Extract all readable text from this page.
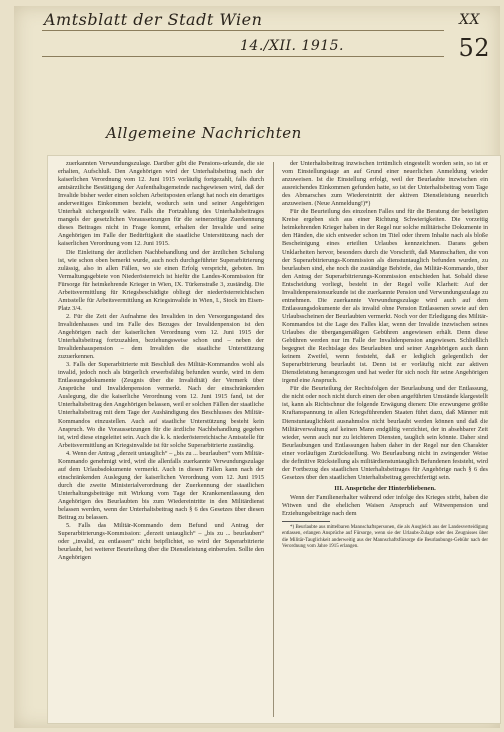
Amtsblatt der Stadt Wien	XX
14./XII. 1915.	52
Allgemeine Nachrichten

zuerkannten Verwundungszulage. Darüber gibt die Pensions-urkunde, die sie erhalten, Aufschluß. Den Angehörigen wird der Unterhaltsbeitrag nach der kaiserlichen Verordnung vom 12. Juni 1915 vorläufig fortgezahlt, falls durch amtsärztliche Bestätigung der Aufenthaltsgemeinde nachgewiesen wird, daß der Invalide bisher weder einen solchen Arbeitsposten erlangt hat noch ein derartiges anderweitiges Einkommen bezieht, wodurch sein und seiner Angehörigen Unterhalt sichergestellt wäre. Falls die Fortzahlung des Unterhaltsbeitrages mangels der gesetzlichen Voraussetzungen für die seinerzeitige Zuerkennung dieses Beitrages nicht in Frage kommt, erhalten der Invalide und seine Angehörigen im Falle der Bedürftigkeit die staatliche Unterstützung nach der kaiserlichen Verordnung vom 12. Juni 1915.

Die Einleitung der ärztlichen Nachbehandlung und der ärztlichen Schulung ist, wie schon oben bemerkt wurde, auch noch durchgeführter Superarbitrierung zulässig, also in allen Fällen, wo sie einen Erfolg verspricht, geboten. Im Vermaltungsgebiete von Niederösterreich ist hiefür die Landes-Kommission für Fürsorge für heimkehrende Krieger in Wien, IX. Türkenstraße 3, zuständig. Die Arbeitsvermittlung für Kriegsbeschädigte obliegt der niederösterreichischen Amtsstelle für Arbeitsvermittlung an Kriegsinvalide in Wien, I., Stock im Eisen-Platz 3/4.

2. Für die Zeit der Aufnahme des Invaliden in den Versorgungsstand des Invalidenhauses und im Falle des Bezuges der Invalidenpension ist den Angehörigen nach der kaiserlichen Verordnung vom 12. Juni 1915 der Unterhaltsbeitrag fortzuzahlen, beziehungsweise schon und – neben der Invalidenhauspension – dem Invaliden die staatliche Unterstützung zuzuerkennen.

3. Falls der Superarbitrierte mit Beschluß des Militär-Kommandos wohl als invalid, jedoch noch als bürgerlich erwerbsfähig befunden wurde, wird in dem Entlassungsdokumente (Zeugnis über die Invalidität) der Vermerk über Ansprüche und Invalidenpension vermerkt. Nach der einschränkenden Auslegung, die die kaiserliche Verordnung vom 12. Juni 1915 fand, ist der Unterhaltsbeitrag den Angehörigen belassen, weil er solchen Fällen der staatliche Unterhaltsbeitrag mit dem Tage der Aushändigung des Beschlusses des Militär-Kommandos einzustellen. Auch auf staatliche Unterstützung besteht kein Anspruch. Wo die Voraussetzungen für die ärztliche Nachbehandlung gegeben ist, wird diese eingeleitet sein. Auch die k. k. niederösterreichische Amtsstelle für Arbeitsvermittlung an Kriegsinvalide ist für solche Superarbitrierte zuständig.

4. Wenn der Antrag „derzeit untauglich“ – „bis zu ... beurlauben“ vom Militär-Kommando genehmigt wird, wird die allenfalls zuerkannte Verwundungszulage auf dem Urlaubsdokumente vermerkt. Auch in diesen Fällen kann nach der einschränkenden Auslegung der kaiserlichen Verordnung vom 12. Juni 1915 durch die zweite Ministerialverordnung der Zuerkennung der staatlichen Unterhaltungsbeiträge mit Wirkung vom Tage der Krankenentlassung den Angehörigen des Beurlaubten bis zum Wiedereintritte in den Militärdienst belassen werden, wenn der Unterhaltsbeitrag nach § 6 des Gesetzes über diesen Beitrag zu belassen.

5. Falls das Militär-Kommando dem Befund und Antrag der Superarbitrierungs-Kommission: „derzeit untauglich“ – „bis zu ... beurlauben“ oder „invalid, zu entlassen“ nicht beipflichtet, so wird der Superarbitrierte beurlaubt, bei weiterer Beurteilung über die Dienstleistung einberufen. Sollte den Angehörigen

der Unterhaltsbeitrag inzwischen irrtümlich eingestellt worden sein, so ist er vom Einstellungstage an auf Grund einer neuerlichen Anmeldung wieder anzuweisen. Ist die Einstellung erfolgt, weil der Beurlaubte inzwischen ein ausreichendes Einkommen gefunden hatte, so ist der Unterhaltsbeitrag vom Tage des Abmarsches zum Wiedereintritt der aktiven Dienstleistung neuerlich anzuweisen. (Neue Anmeldung!)*)

Für die Beurteilung des einzelnen Falles und für die Beratung der beteiligten Kreise ergeben sich aus einer Richtung Schwierigkeiten. Die vorzeitig heimkehrenden Krieger haben in der Regel nur solche militärische Dokumente in den Händen, die sich entweder schon im Titel oder ihrem Inhalte nach als bloße Bescheinigung eines erteilten Urlaubes kennzeichnen. Darans geben Unklarheiten hervor, besonders durch die Vorschrift, daß Mannschaften, die von der Superarbitrierungs-Kommission als dienstuntauglich befunden wurden, zu beurlauben sind, ehe noch die zuständige Behörde, das Militär-Kommando, über den Antrag der Superarbitrierungs-Kommission entschieden hat. Sobald diese Entscheidung vorliegt, besteht in der Regel volle Klarheit: Auf der Invalidenpensionsurkunde ist die zuerkannte Pension und Verwundungszulage zu entnehmen. Die zuerkannte Verwundungszulage wird auch auf dem Entlassungsdokumente der als invalid ohne Pension Entlassenen sowie auf den Urlaubsscheinen der Beurlaubten vermerkt. Noch vor der Erledigung des Militär-Kommandos ist die Lage des Falles klar, wenn der Invalide inzwischen seines Urlaubes die übergangsmäßigen Gebühren angewiesen erhält. Denn diese Gebühren werden nur im Falle der Invalidenpension angewiesen. Schließlich begegnet die Rechtslage des Beurlaubten und seiner Angehörigen auch dann keinem Zweifel, wenn feststeht, daß er lediglich gelegentlich der Superarbitrierung beurlaubt ist. Denn ist er vorläufig nicht zur aktiven Dienstleistung herangezogen und hat weder für sich noch für seine Angehörigen irgend eine Anspruch.

Für die Beurteilung der Rechtsfolgen der Beurlaubung und der Entlassung, die nicht oder noch nicht durch einen der oben angeführten Umstände klargestellt ist, kann als Richtschnur die folgende Erwägung dienen: Die erzwungene größte Kraftanspannung in allen Kriegsführenden Staaten führt dazu, daß Männer mit Dienstuntauglichkeit ausnahmslos nicht beurlaubt werden können und daß die Militärverwaltung auf keinen Mann endgültig verzichtet, der in absehbarer Zeit wieder, wenn auch nur zu leichteren Diensten, tauglich sein könnte. Daher sind Beurlaubungen und Entlassungen haben daher in der Regel nur den Charakter einer vorläufigen Zurückstellung. Wo Beurlaubung nicht in zwingender Weise die definitive Rückstellung als militärdienstuntauglich Befundenen feststeht, wird der Fortbezug des staatlichen Unterhaltsbeitrages für Angehörige nach § 6 des Gesetzes über den staatlichen Unterhaltsbeitrag gerechtfertigt sein.

III. Ansprüche der Hinterbliebenen.

Wenn der Familienerhalter während oder infolge des Krieges stirbt, haben die Witwen und die ehelichen Waisen Anspruch auf Witwenpension und Erziehungsbeiträge nach dem

*) Beurlaubte aus mittelbaren Mannschaftspersonen, die als Ausgleich aus der Landesverteidigung entlassen, erlangen Ansprüche auf Fürsorge, wenn sie der Urlaubs-Zulage oder des Zeugnisses über die Militär-Tauglichkeit anderweitig aus der Mannschaftsfürsorge die Beurlaubungs-Gebühr nach der Verordnung vom Jahre 1915 erlangen.
